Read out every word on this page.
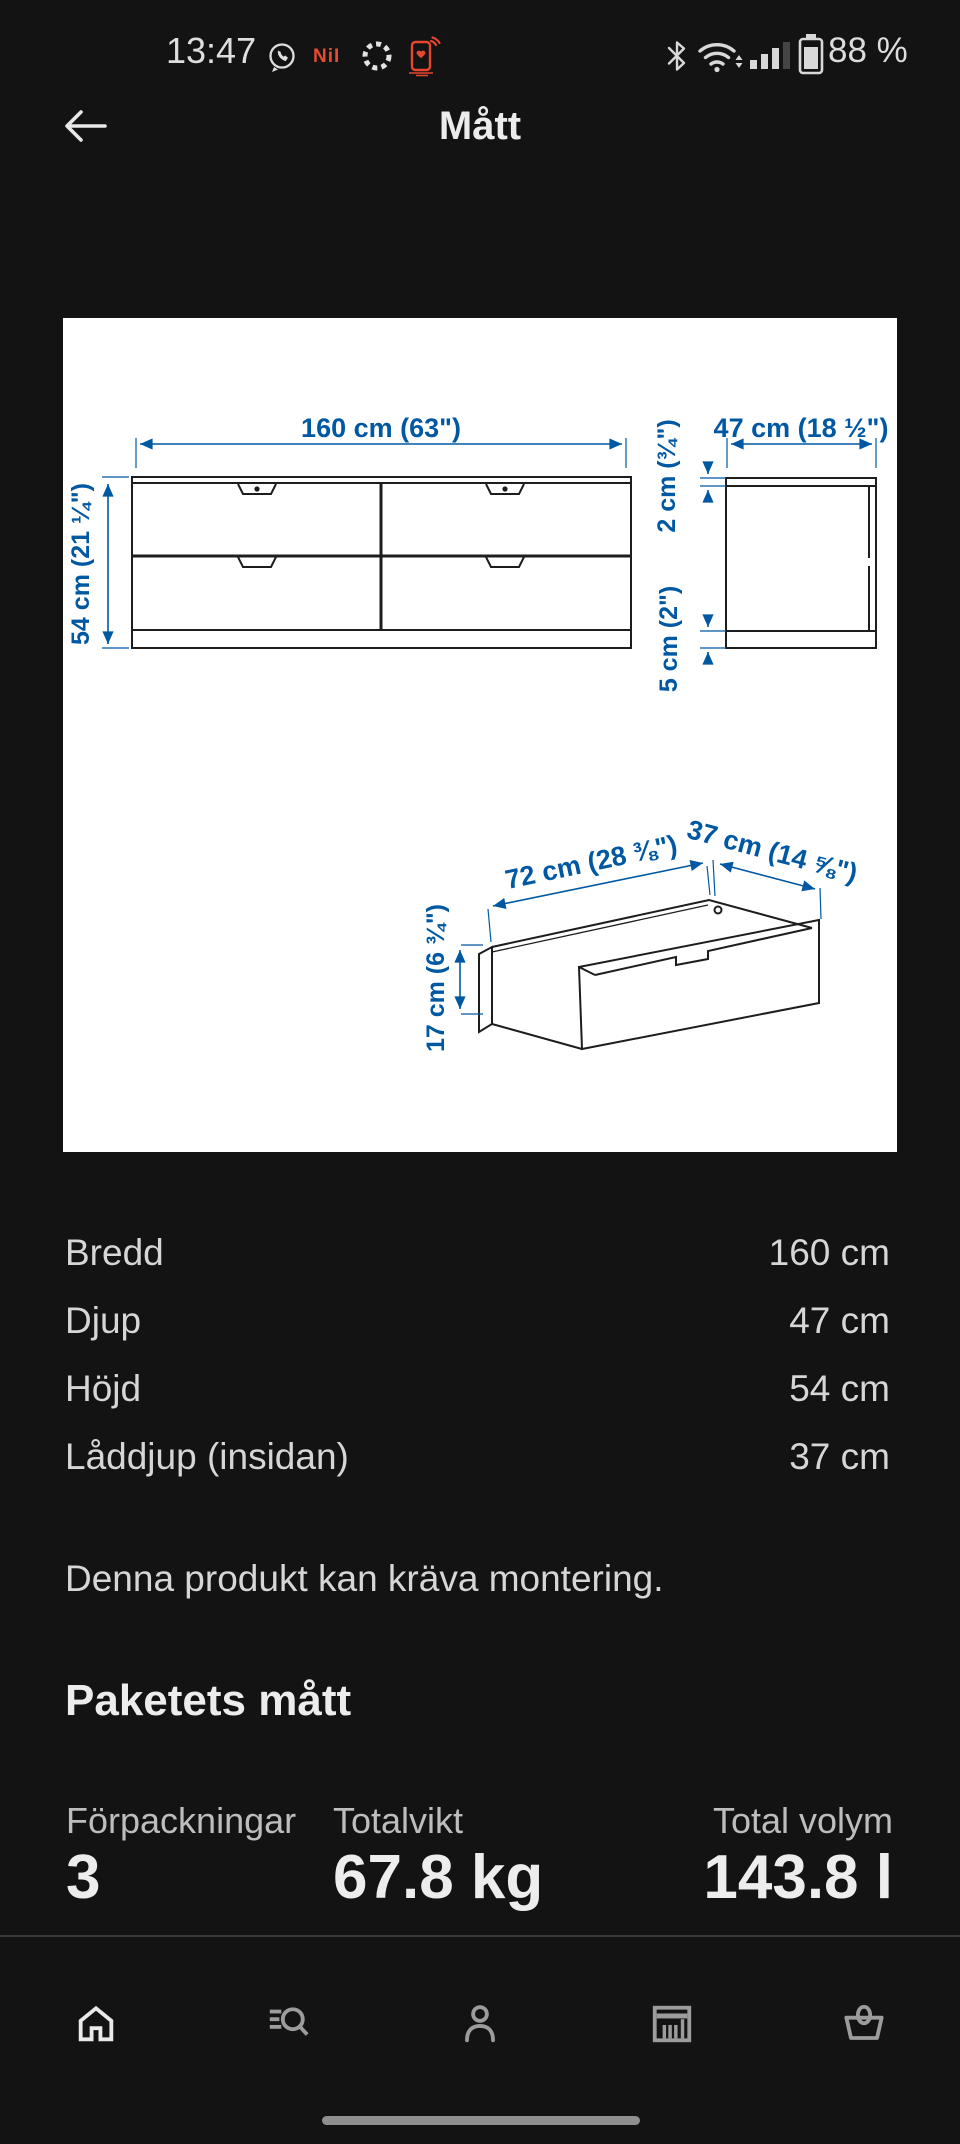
13:47	NiI	88 %
Mått
160 cm (63")
54 cm (21 ¼")
47 cm (18 ½")
2 cm (¾")
5 cm (2")
17 cm (6 ¾")
72 cm (28 ⅜") 37 cm (14 ⅝")
Bredd	160 cm
Djup	47 cm
Höjd	54 cm
Låddjup (insidan)	37 cm
Denna produkt kan kräva montering.
Paketets mått
Förpackningar
3
Totalvikt
67.8 kg
Total volym
143.8 l
